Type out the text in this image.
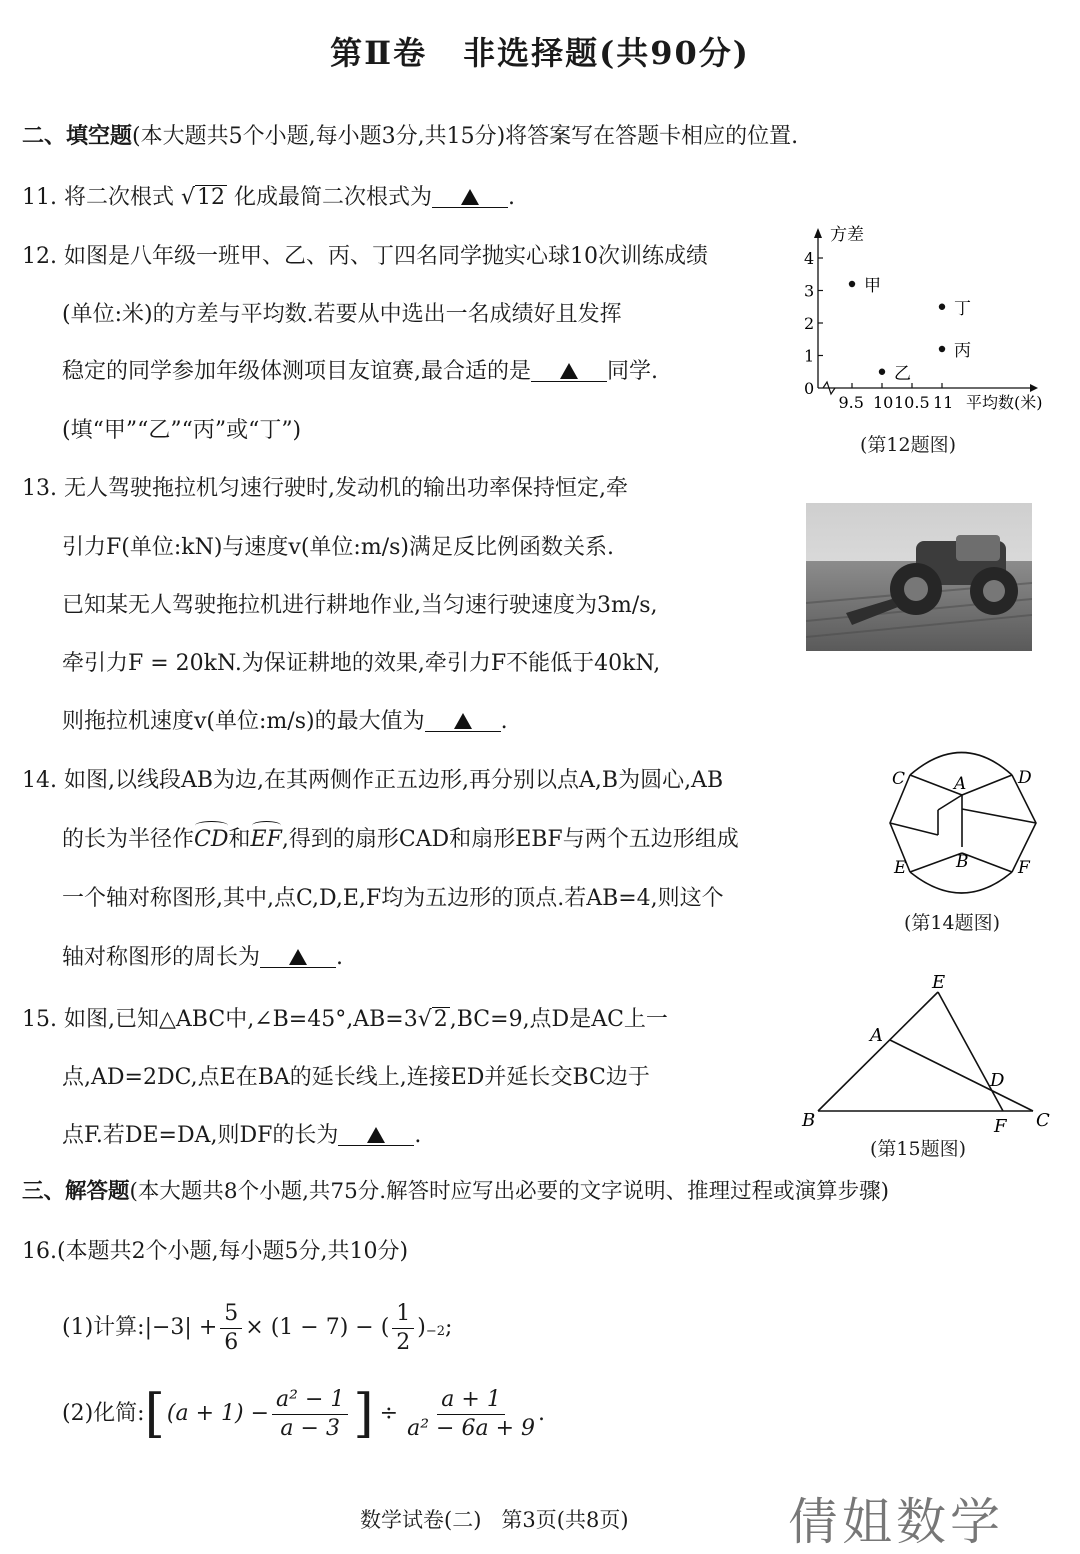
第Ⅱ卷 非选择题(共90分)
二、填空题(本大题共5个小题,每小题3分,共15分)将答案写在答题卡相应的位置.
11. 将二次根式 √12 化成最简二次根式为	.
12. 如图是八年级一班甲、乙、丙、丁四名同学抛实心球10次训练成绩
(单位:米)的方差与平均数.若要从中选出一名成绩好且发挥
稳定的同学参加年级体测项目友谊赛,最合适的是	同学.
(填“甲”“乙”“丙”或“丁”)
方差
平均数(米)
0
1
2
3
4
9.5 10 10.5 11
甲
乙
丙
丁
(第12题图)
13. 无人驾驶拖拉机匀速行驶时,发动机的输出功率保持恒定,牵
引力F(单位:kN)与速度v(单位:m/s)满足反比例函数关系.
已知某无人驾驶拖拉机进行耕地作业,当匀速行驶速度为3m/s,
牵引力F = 20kN.为保证耕地的效果,牵引力F不能低于40kN,
则拖拉机速度v(单位:m/s)的最大值为	.
14. 如图,以线段AB为边,在其两侧作正五边形,再分别以点A,B为圆心,AB
的长为半径作CD和EF,得到的扇形CAD和扇形EBF与两个五边形组成
一个轴对称图形,其中,点C,D,E,F均为五边形的顶点.若AB=4,则这个
轴对称图形的周长为	.
C	A	D
E	B	F
(第14题图)
15. 如图,已知△ABC中,∠B=45°,AB=3√2,BC=9,点D是AC上一
点,AD=2DC,点E在BA的延长线上,连接ED并延长交BC边于
点F.若DE=DA,则DF的长为	.
E
A
D
B	F C
(第15题图)
三、解答题(本大题共8个小题,共75分.解答时应写出必要的文字说明、推理过程或演算步骤)
16.(本题共2个小题,每小题5分,共10分)
(1)计算:|−3| + $\frac{5}{6} \times (1 - 7)$ − ( $\frac{1}{2}$ ) −2 ;
(2)化简: [ $(a + 1) - \frac{\text{a² − 1}}{a - 3}$ ] ÷ $\frac{a + 1}{\text{a² − 6a + 9}}$ .
数学试卷(二)   第3页(共8页)	倩姐数学
